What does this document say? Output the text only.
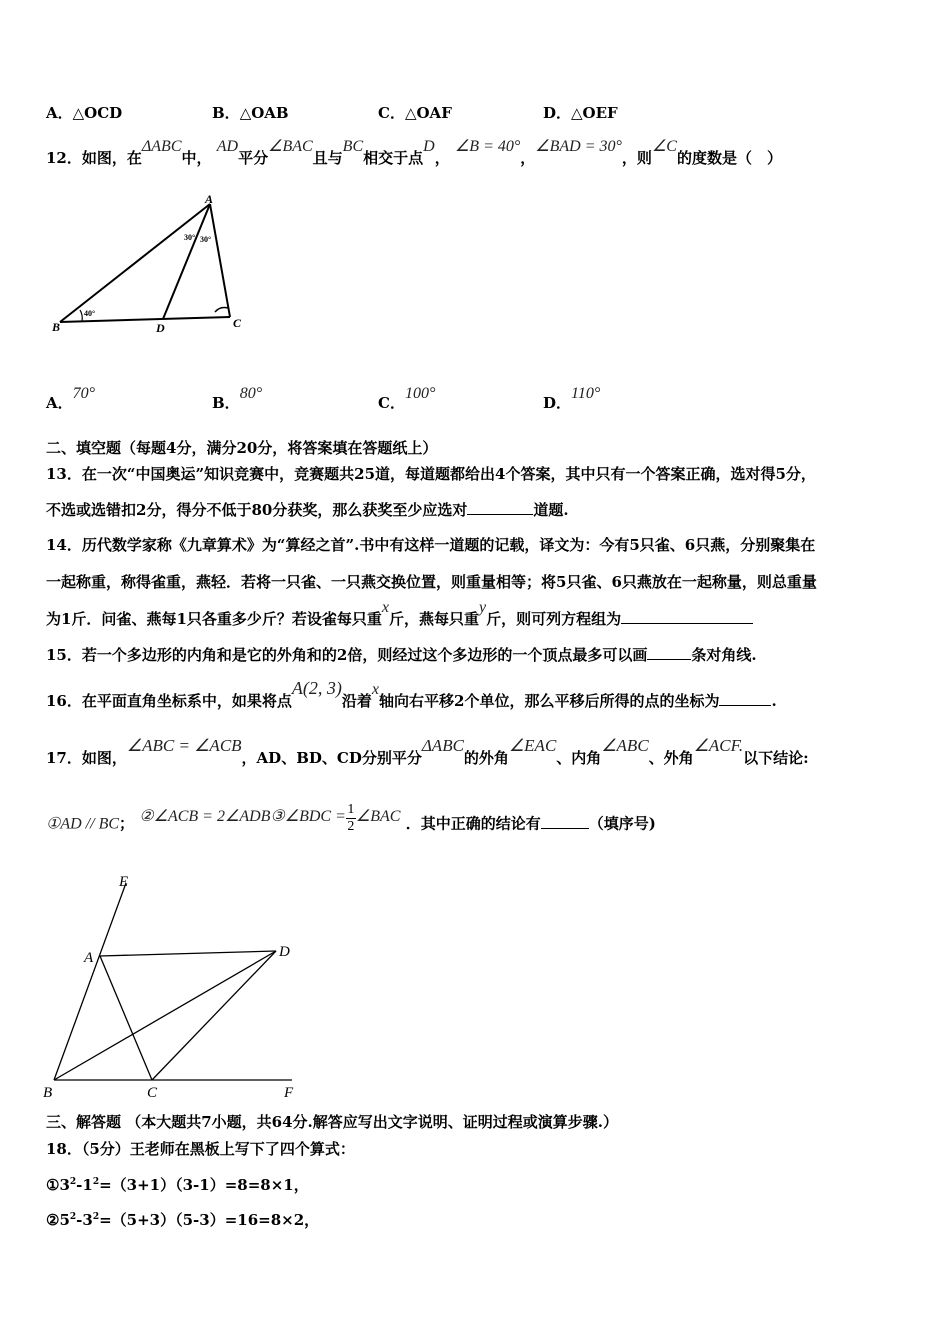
A．△OCD	B．△OAB	C．△OAF	D．△OEF
12．如图，在ΔABC中， AD平分∠BAC且与BC相交于点D， ∠B = 40°，∠BAD = 30°，则∠C的度数是（　）
A
B	C
D
30° 30°
40°
A．70°
B．80°
C．100°
D．110°
二、填空题（每题4分，满分20分，将答案填在答题纸上）
13．在一次“中国奥运”知识竞赛中，竞赛题共25道，每道题都给出4个答案，其中只有一个答案正确，选对得5分，
不选或选错扣2分，得分不低于80分获奖，那么获奖至少应选对	道题.
14．历代数学家称《九章算术》为“算经之首”.书中有这样一道题的记载，译文为：今有5只雀、6只燕，分别聚集在
一起称重，称得雀重，燕轻．若将一只雀、一只燕交换位置，则重量相等；将5只雀、6只燕放在一起称量，则总重量
为1斤．问雀、燕每1只各重多少斤？若设雀每只重x斤，燕每只重y斤，则可列方程组为
15．若一个多边形的内角和是它的外角和的2倍，则经过这个多边形的一个顶点最多可以画	条对角线.
16．在平面直角坐标系中，如果将点A(2, 3)沿着x轴向右平移2个单位，那么平移后所得的点的坐标为	.
17．如图，∠ABC = ∠ACB，AD、BD、CD分别平分ΔABC的外角∠EAC、内角∠ABC、外角∠ACF.以下结论:
①AD // BC； ②∠ACB = 2∠ADB③∠BDC = $\frac{1}{2}$ ∠BAC ．其中正确的结论有	（填序号)
E
A	D
B	C	F
三、解答题 （本大题共7小题，共64分.解答应写出文字说明、证明过程或演算步骤.）
18．（5分）王老师在黑板上写下了四个算式：
$①3^2-1^2=(3+1)(3-1)=8=8\times 1$，
$②5^2-3^2=(5+3)(5-3)=16=8\times 2$，
